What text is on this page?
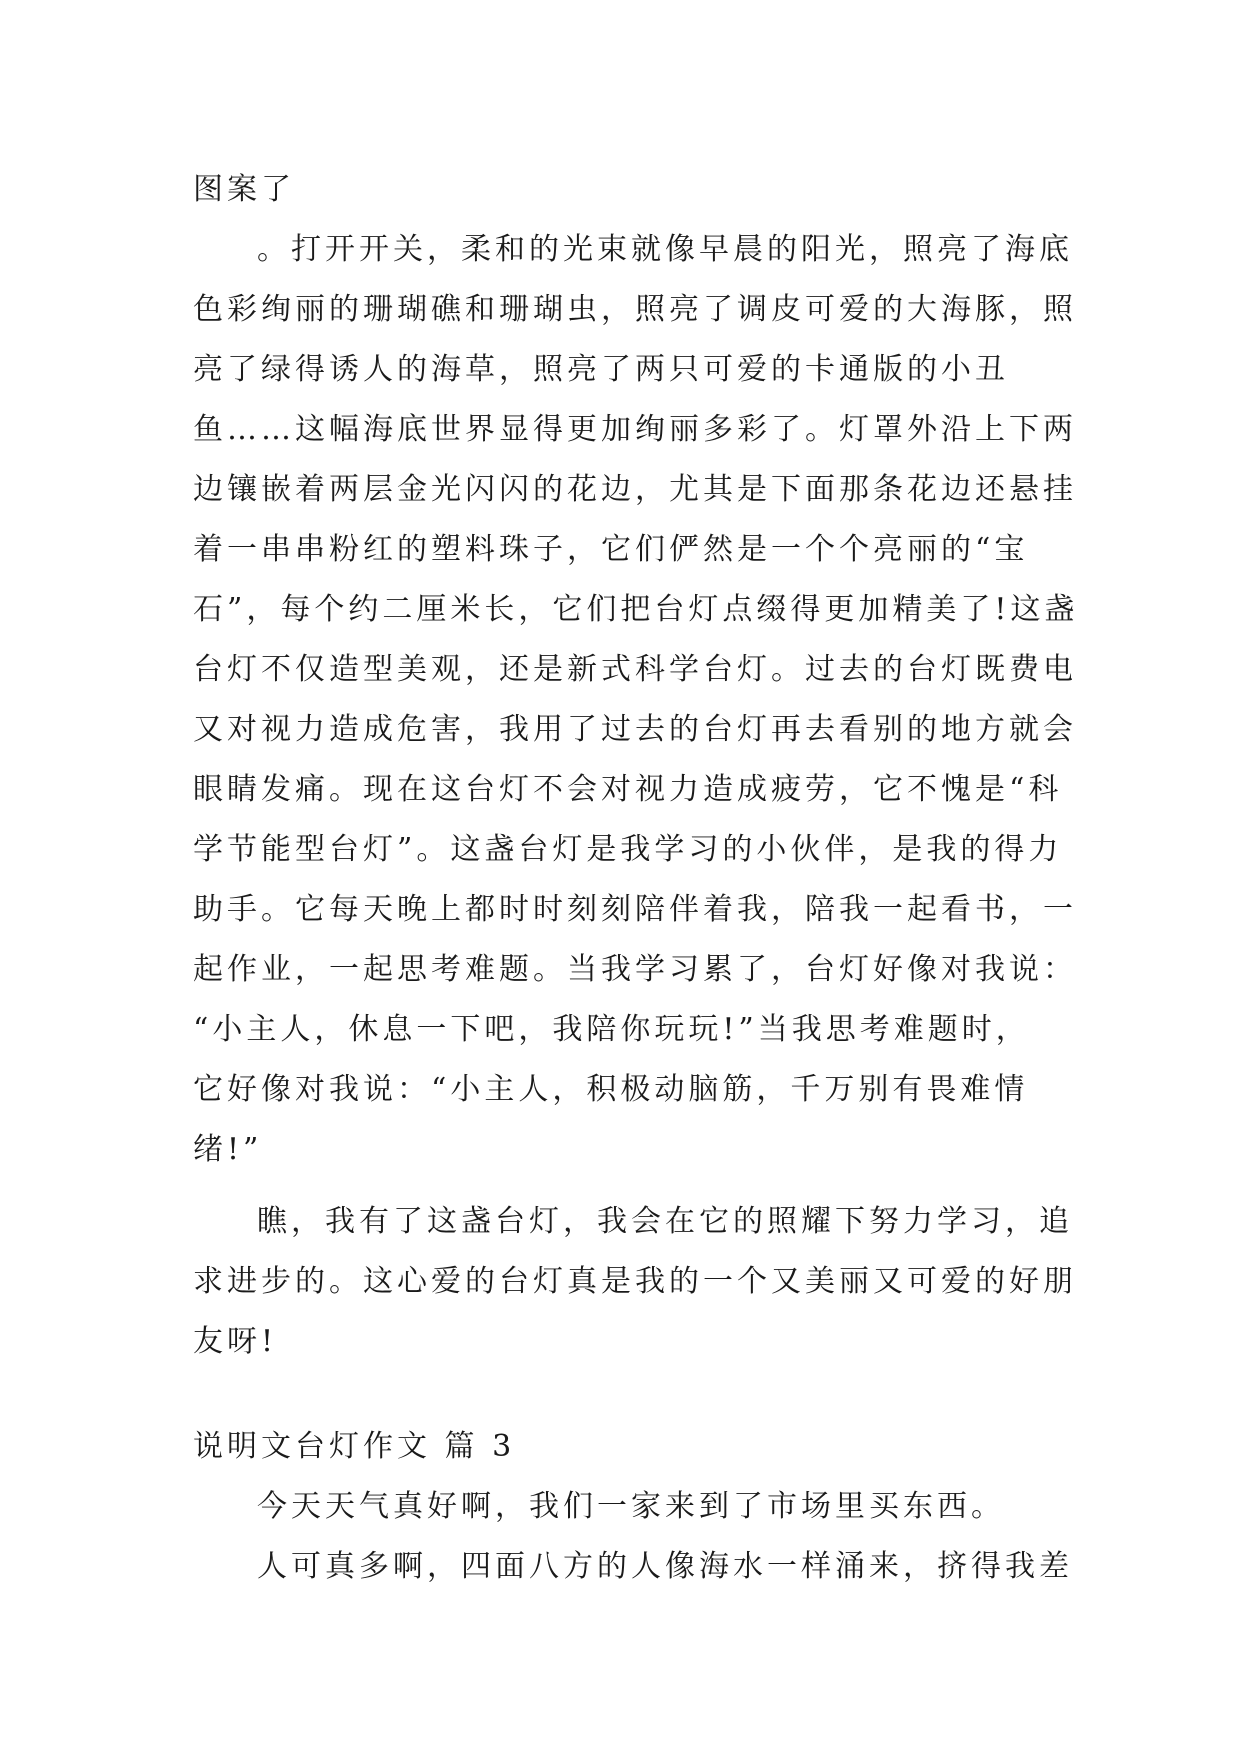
图案了
。打开开关，柔和的光束就像早晨的阳光，照亮了海底
色彩绚丽的珊瑚礁和珊瑚虫，照亮了调皮可爱的大海豚，照
亮了绿得诱人的海草，照亮了两只可爱的卡通版的小丑
鱼……这幅海底世界显得更加绚丽多彩了。灯罩外沿上下两
边镶嵌着两层金光闪闪的花边，尤其是下面那条花边还悬挂
着一串串粉红的塑料珠子，它们俨然是一个个亮丽的“宝
石”，每个约二厘米长，它们把台灯点缀得更加精美了!这盏
台灯不仅造型美观，还是新式科学台灯。过去的台灯既费电
又对视力造成危害，我用了过去的台灯再去看别的地方就会
眼睛发痛。现在这台灯不会对视力造成疲劳，它不愧是“科
学节能型台灯”。这盏台灯是我学习的小伙伴，是我的得力
助手。它每天晚上都时时刻刻陪伴着我，陪我一起看书，一
起作业，一起思考难题。当我学习累了，台灯好像对我说：
“小主人，休息一下吧，我陪你玩玩!”当我思考难题时，
它好像对我说：“小主人，积极动脑筋，千万别有畏难情
绪!”
瞧，我有了这盏台灯，我会在它的照耀下努力学习，追
求进步的。这心爱的台灯真是我的一个又美丽又可爱的好朋
友呀!
说明文台灯作文 篇 3
今天天气真好啊，我们一家来到了市场里买东西。
人可真多啊，四面八方的人像海水一样涌来，挤得我差
